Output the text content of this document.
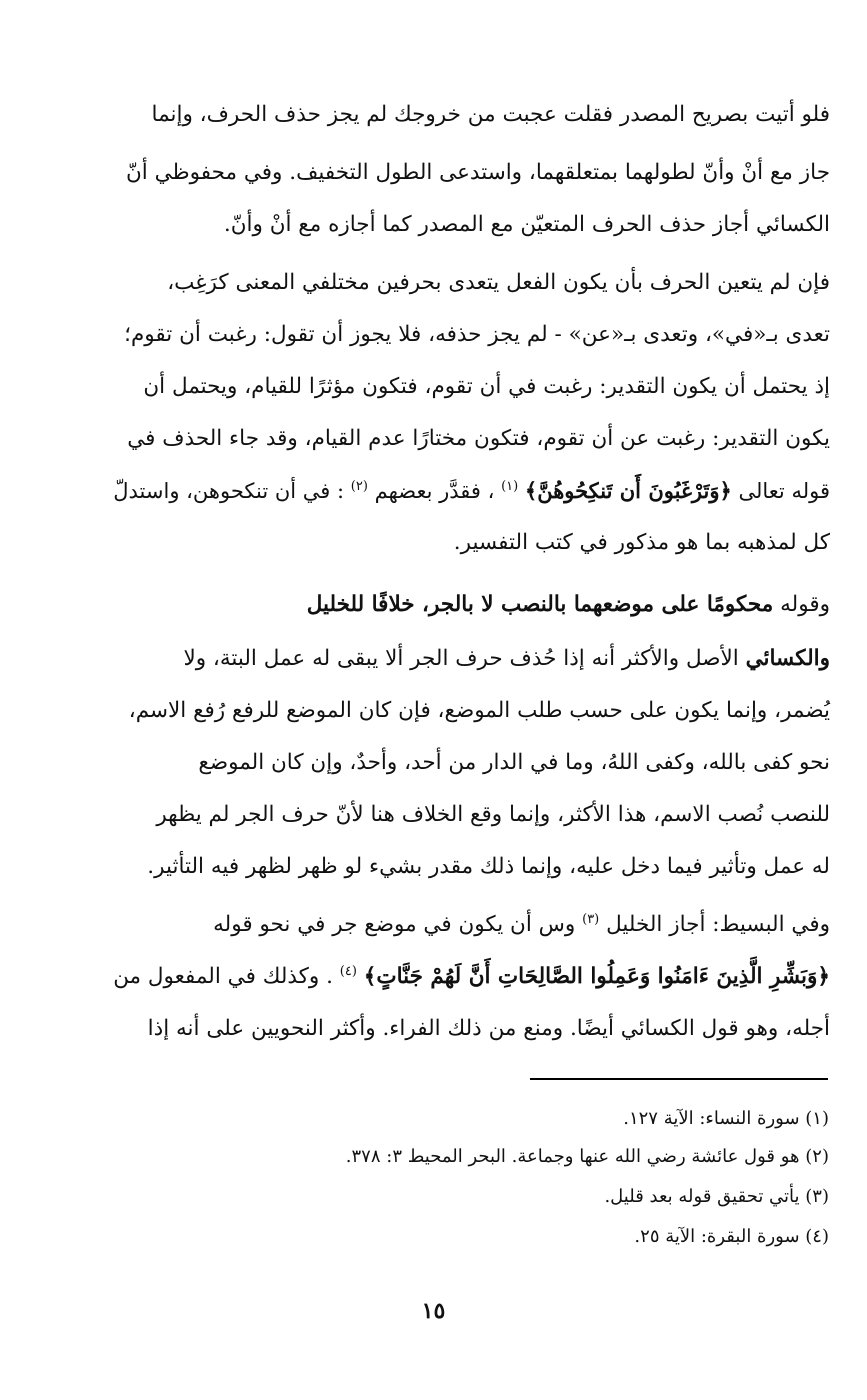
فلو أتيت بصريح المصدر فقلت عجبت من خروجك لم يجز حذف الحرف، وإنما
جاز مع أنْ وأنّ لطولهما بمتعلقهما، واستدعى الطول التخفيف. وفي محفوظي أنّ
الكسائي أجاز حذف الحرف المتعيّن مع المصدر كما أجازه مع أنْ وأنّ.
فإن لم يتعين الحرف بأن يكون الفعل يتعدى بحرفين مختلفي المعنى كرَغِب،
تعدى بـ«في»، وتعدى بـ«عن» - لم يجز حذفه، فلا يجوز أن تقول: رغبت أن تقوم؛
إذ يحتمل أن يكون التقدير: رغبت في أن تقوم، فتكون مؤثرًا للقيام، ويحتمل أن
يكون التقدير: رغبت عن أن تقوم، فتكون مختارًا عدم القيام، وقد جاء الحذف في
قوله تعالى ﴿وَتَرْغَبُونَ أَن تَنكِحُوهُنَّ﴾ $^{(١)}$ ، فقدَّر بعضهم $^{(٢)}$ : في أن تنكحوهن، واستدلّ
كل لمذهبه بما هو مذكور في كتب التفسير.
وقوله محكومًا على موضعهما بالنصب لا بالجر، خلافًا للخليل
والكسائي الأصل والأكثر أنه إذا حُذف حرف الجر ألا يبقى له عمل البتة، ولا
يُضمر، وإنما يكون على حسب طلب الموضع، فإن كان الموضع للرفع رُفع الاسم،
نحو كفى بالله، وكفى اللهُ، وما في الدار من أحد، وأحدٌ، وإن كان الموضع
للنصب نُصب الاسم، هذا الأكثر، وإنما وقع الخلاف هنا لأنّ حرف الجر لم يظهر
له عمل وتأثير فيما دخل عليه، وإنما ذلك مقدر بشيء لو ظهر لظهر فيه التأثير.
وفي البسيط: أجاز الخليل $^{(٣)}$ وس أن يكون في موضع جر في نحو قوله
﴿وَبَشِّرِ الَّذِينَ ءَامَنُوا وَعَمِلُوا الصَّالِحَاتِ أَنَّ لَهُمْ جَنَّاتٍ﴾ $^{(٤)}$ . وكذلك في المفعول من
أجله، وهو قول الكسائي أيضًا. ومنع من ذلك الفراء. وأكثر النحويين على أنه إذا
(١) سورة النساء: الآية ١٢٧.
(٢) هو قول عائشة رضي الله عنها وجماعة. البحر المحيط ٣: ٣٧٨.
(٣) يأتي تحقيق قوله بعد قليل.
(٤) سورة البقرة: الآية ٢٥.
١٥
